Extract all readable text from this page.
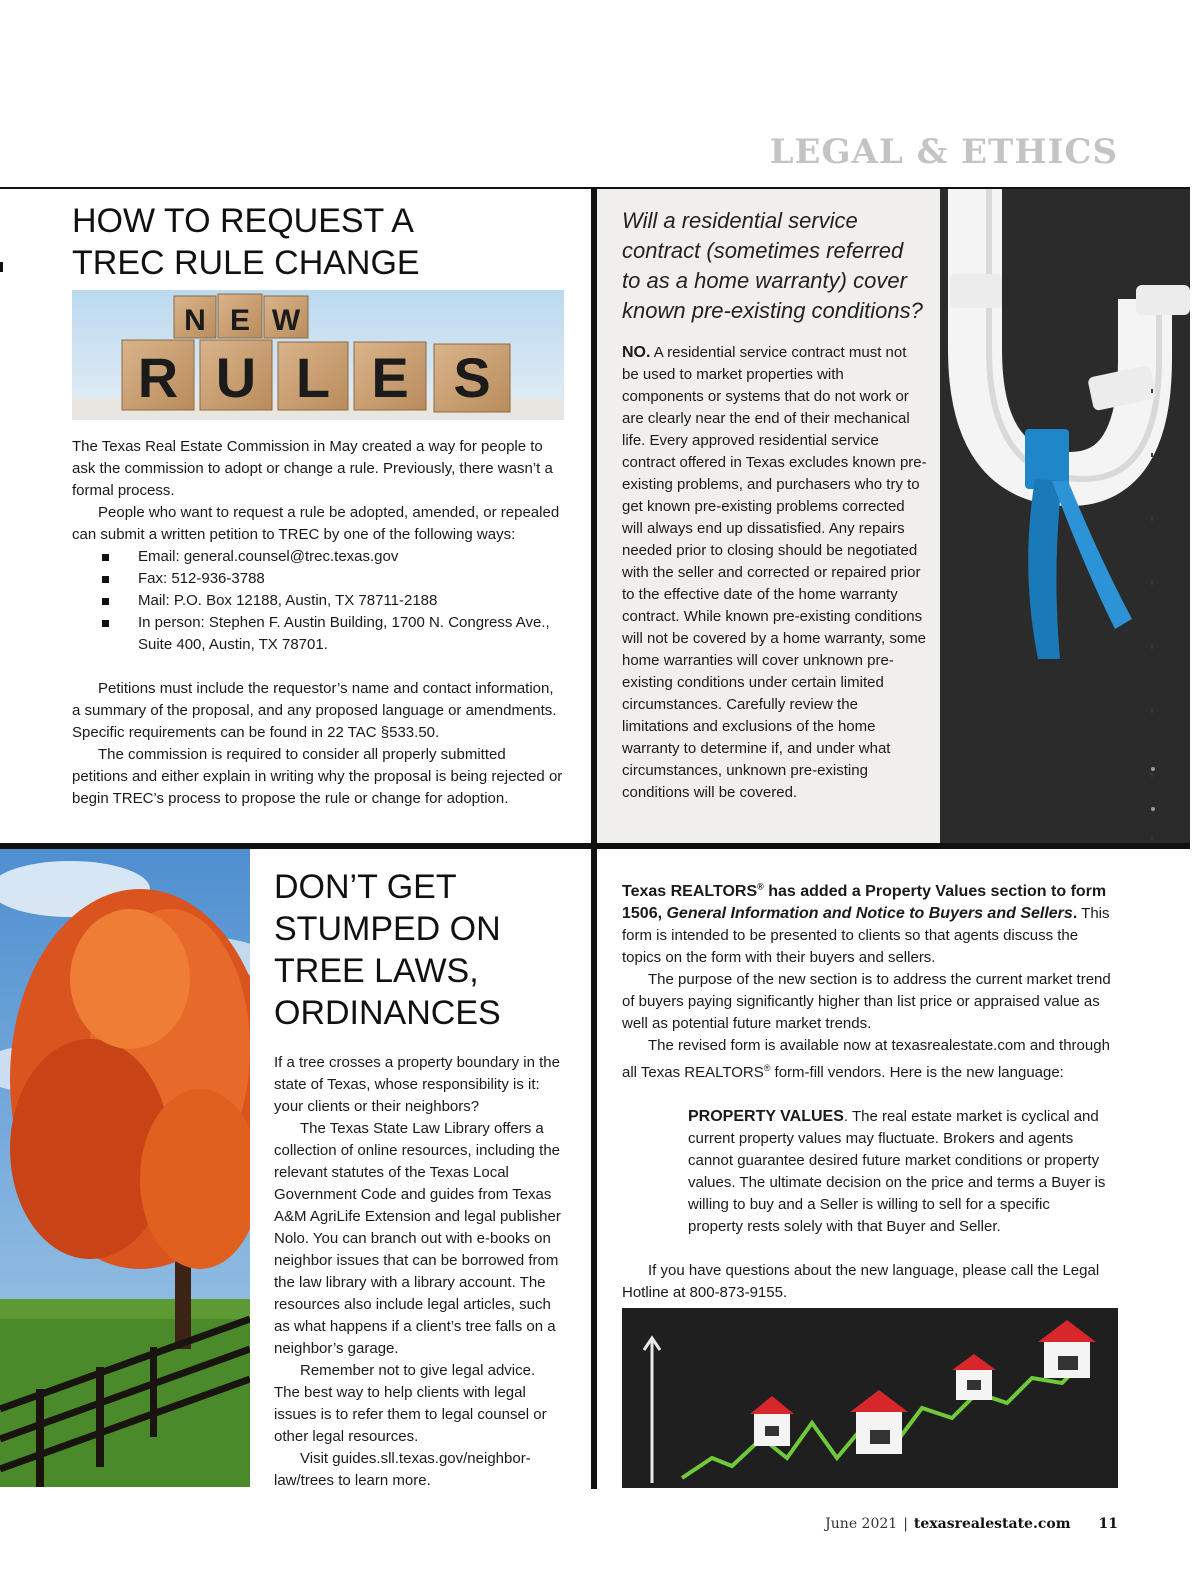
LEGAL & ETHICS
HOW TO REQUEST A
TREC RULE CHANGE
N E W
R U L E S

The Texas Real Estate Commission in May created a way for people to ask the commission to adopt or change a rule. Previously, there wasn’t a formal process.

People who want to request a rule be adopted, amended, or repealed can submit a written petition to TREC by one of the following ways:

Email: general.counsel@trec.texas.gov
Fax: 512-936-3788
Mail: P.O. Box 12188, Austin, TX 78711-2188
In person: Stephen F. Austin Building, 1700 N. Congress Ave., Suite 400, Austin, TX 78701.

Petitions must include the requestor’s name and contact information, a summary of the proposal, and any proposed language or amendments. Specific requirements can be found in 22 TAC §533.50.

The commission is required to consider all properly submitted petitions and either explain in writing why the proposal is being rejected or begin TREC’s process to propose the rule or change for adoption.

Will a residential service contract (sometimes referred to as a home warranty) cover known pre-existing conditions?

NO. A residential service contract must not be used to market properties with components or systems that do not work or are clearly near the end of their mechanical life. Every approved residential service contract offered in Texas excludes known pre-existing problems, and purchasers who try to get known pre-existing problems corrected will always end up dissatisfied. Any repairs needed prior to closing should be negotiated with the seller and corrected or repaired prior to the effective date of the home warranty contract. While known pre-existing conditions will not be covered by a home warranty, some home warranties will cover unknown pre-existing conditions under certain limited circumstances. Carefully review the limitations and exclusions of the home warranty to determine if, and under what circumstances, unknown pre-existing conditions will be covered.

DON’T GET
STUMPED ON
TREE LAWS,
ORDINANCES

If a tree crosses a property boundary in the state of Texas, whose responsibility is it: your clients or their neighbors?

The Texas State Law Library offers a collection of online resources, including the relevant statutes of the Texas Local Government Code and guides from Texas A&M AgriLife Extension and legal publisher Nolo. You can branch out with e-books on neighbor issues that can be borrowed from the law library with a library account. The resources also include legal articles, such as what happens if a client’s tree falls on a neighbor’s garage.

Remember not to give legal advice. The best way to help clients with legal issues is to refer them to legal counsel or other legal resources.

Visit guides.sll.texas.gov/neighbor-law/trees to learn more.

Texas REALTORS® has added a Property Values section to form 1506, General Information and Notice to Buyers and Sellers. This form is intended to be presented to clients so that agents discuss the topics on the form with their buyers and sellers.

The purpose of the new section is to address the current market trend of buyers paying significantly higher than list price or appraised value as well as potential future market trends.

The revised form is available now at texasrealestate.com and through all Texas REALTORS® form-fill vendors. Here is the new language:

PROPERTY VALUES. The real estate market is cyclical and current property values may fluctuate. Brokers and agents cannot guarantee desired future market conditions or property values. The ultimate decision on the price and terms a Buyer is willing to buy and a Seller is willing to sell for a specific property rests solely with that Buyer and Seller.

If you have questions about the new language, please call the Legal Hotline at 800-873-9155.

June 2021 | texasrealestate.com 11
